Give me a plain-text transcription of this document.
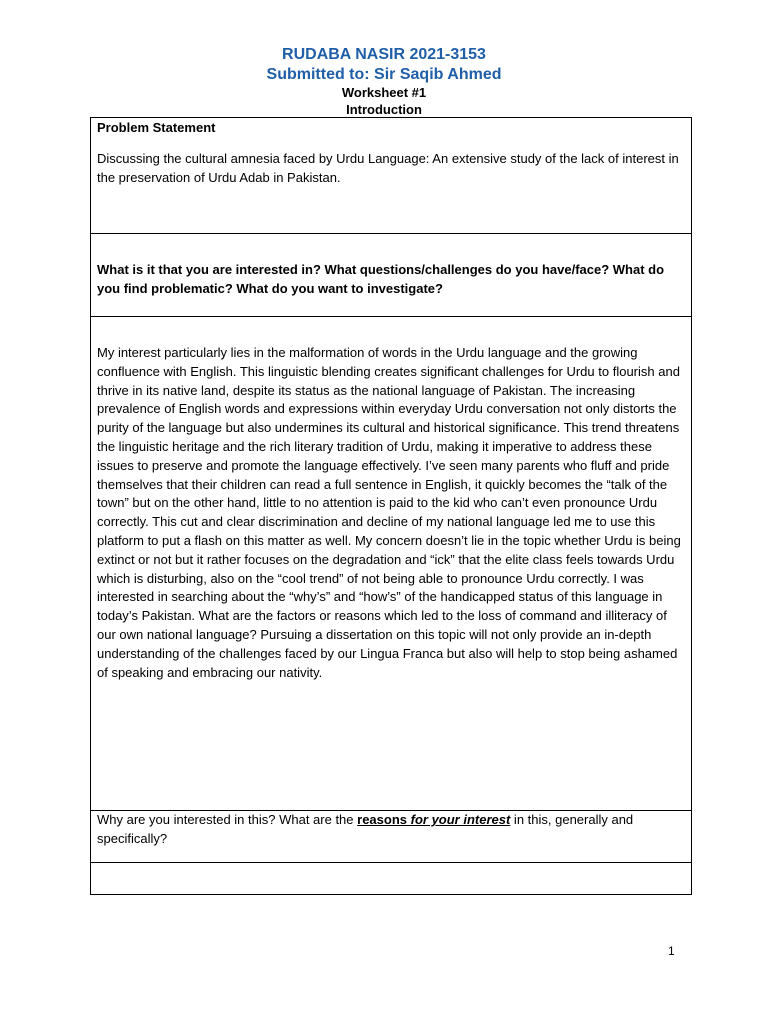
RUDABA NASIR 2021-3153
Submitted to: Sir Saqib Ahmed
Worksheet #1
Introduction
Problem Statement
Discussing the cultural amnesia faced by Urdu Language: An extensive study of the lack of interest in the preservation of Urdu Adab in Pakistan.

What is it that you are interested in? What questions/challenges do you have/face? What do you find problematic? What do you want to investigate?

My interest particularly lies in the malformation of words in the Urdu language and the growing confluence with English. This linguistic blending creates significant challenges for Urdu to flourish and thrive in its native land, despite its status as the national language of Pakistan. The increasing prevalence of English words and expressions within everyday Urdu conversation not only distorts the purity of the language but also undermines its cultural and historical significance. This trend threatens the linguistic heritage and the rich literary tradition of Urdu, making it imperative to address these issues to preserve and promote the language effectively. I’ve seen many parents who fluff and pride themselves that their children can read a full sentence in English, it quickly becomes the “talk of the town” but on the other hand, little to no attention is paid to the kid who can’t even pronounce Urdu correctly. This cut and clear discrimination and decline of my national language led me to use this platform to put a flash on this matter as well. My concern doesn’t lie in the topic whether Urdu is being extinct or not but it rather focuses on the degradation and “ick” that the elite class feels towards Urdu which is disturbing, also on the “cool trend” of not being able to pronounce Urdu correctly. I was interested in searching about the “why’s” and “how’s” of the handicapped status of this language in today’s Pakistan. What are the factors or reasons which led to the loss of command and illiteracy of our own national language? Pursuing a dissertation on this topic will not only provide an in-depth understanding of the challenges faced by our Lingua Franca but also will help to stop being ashamed of speaking and embracing our nativity.

Why are you interested in this? What are the reasons for your interest in this, generally and specifically?

1
